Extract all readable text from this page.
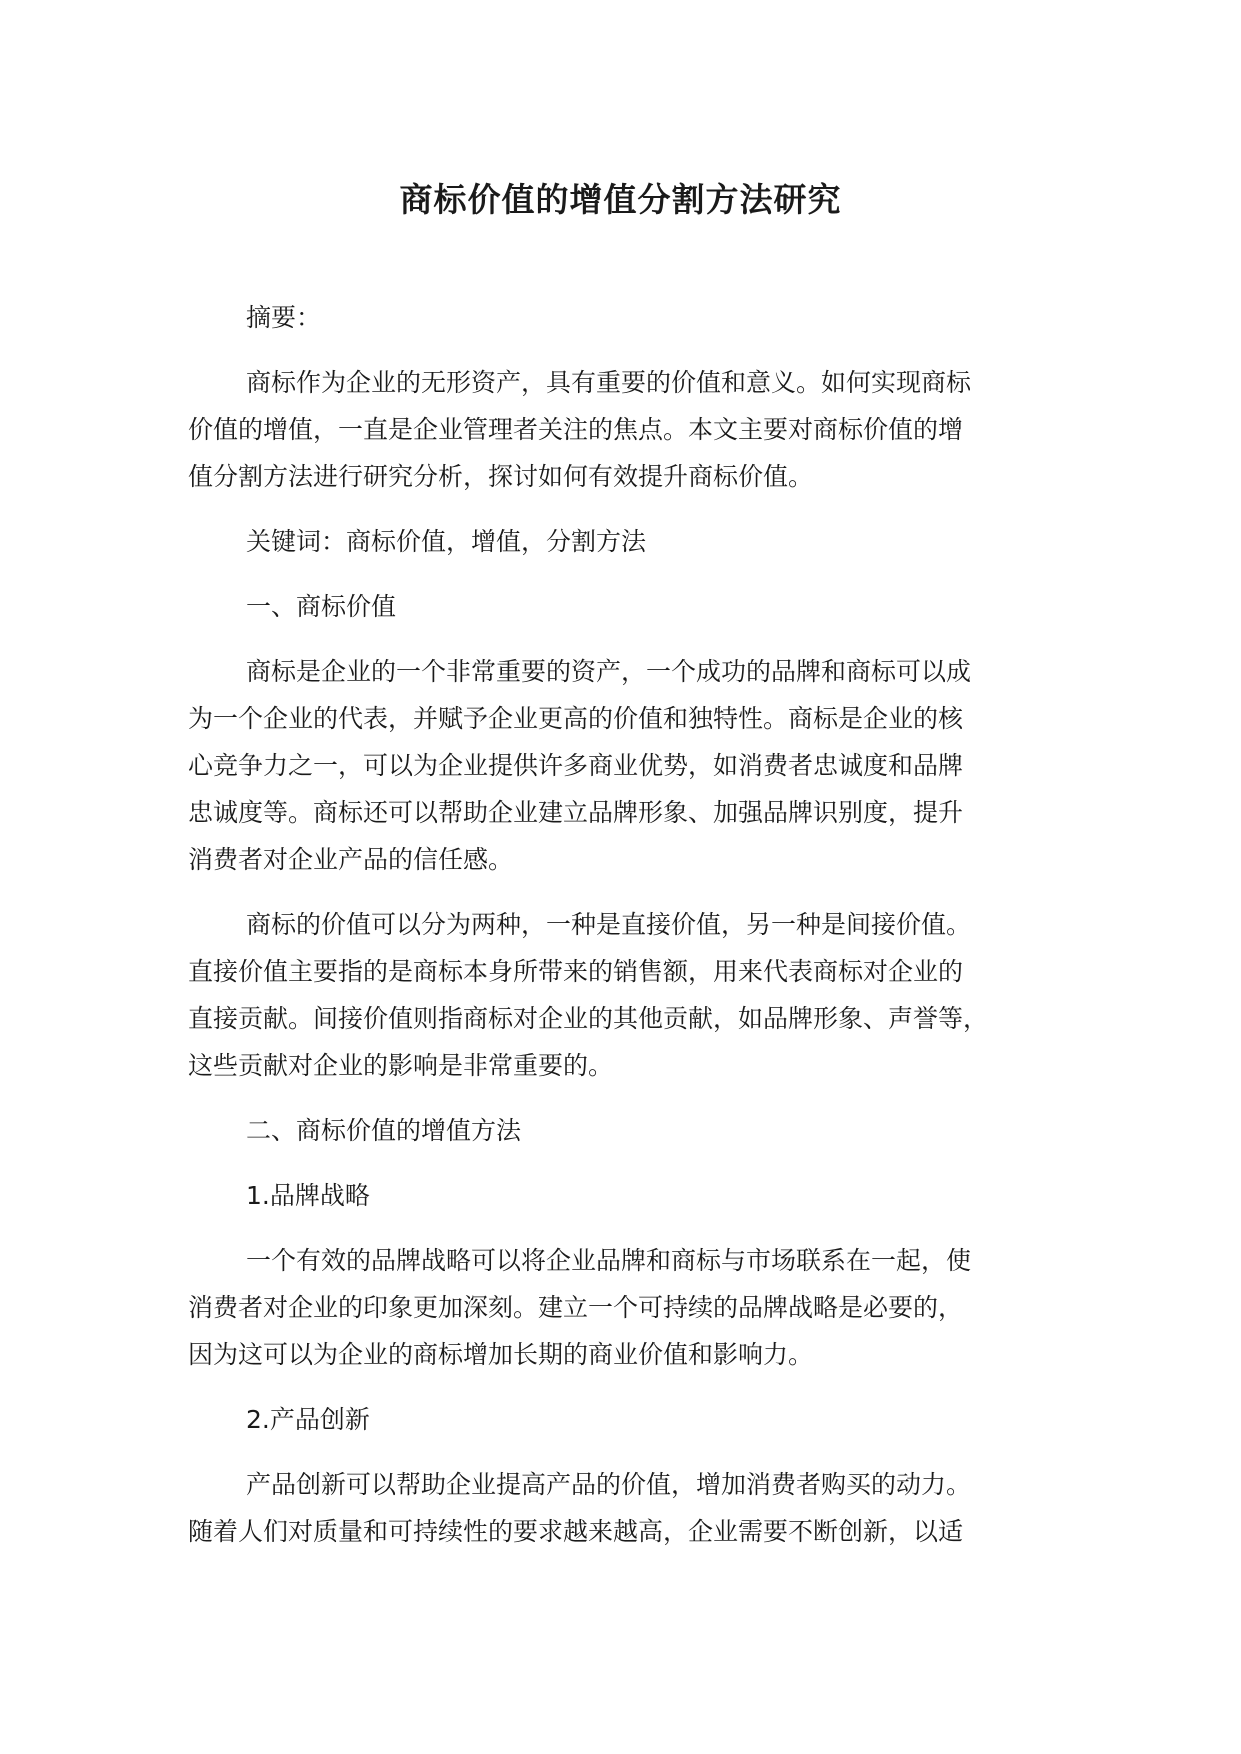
商标价值的增值分割方法研究
摘要：
商标作为企业的无形资产，具有重要的价值和意义。如何实现商标
价值的增值，一直是企业管理者关注的焦点。本文主要对商标价值的增
值分割方法进行研究分析，探讨如何有效提升商标价值。
关键词：商标价值，增值，分割方法
一、商标价值
商标是企业的一个非常重要的资产，一个成功的品牌和商标可以成
为一个企业的代表，并赋予企业更高的价值和独特性。商标是企业的核
心竞争力之一，可以为企业提供许多商业优势，如消费者忠诚度和品牌
忠诚度等。商标还可以帮助企业建立品牌形象、加强品牌识别度，提升
消费者对企业产品的信任感。
商标的价值可以分为两种，一种是直接价值，另一种是间接价值。
直接价值主要指的是商标本身所带来的销售额，用来代表商标对企业的
直接贡献。间接价值则指商标对企业的其他贡献，如品牌形象、声誉等，
这些贡献对企业的影响是非常重要的。
二、商标价值的增值方法
1.品牌战略
一个有效的品牌战略可以将企业品牌和商标与市场联系在一起，使
消费者对企业的印象更加深刻。建立一个可持续的品牌战略是必要的，
因为这可以为企业的商标增加长期的商业价值和影响力。
2.产品创新
产品创新可以帮助企业提高产品的价值，增加消费者购买的动力。
随着人们对质量和可持续性的要求越来越高，企业需要不断创新，以适
